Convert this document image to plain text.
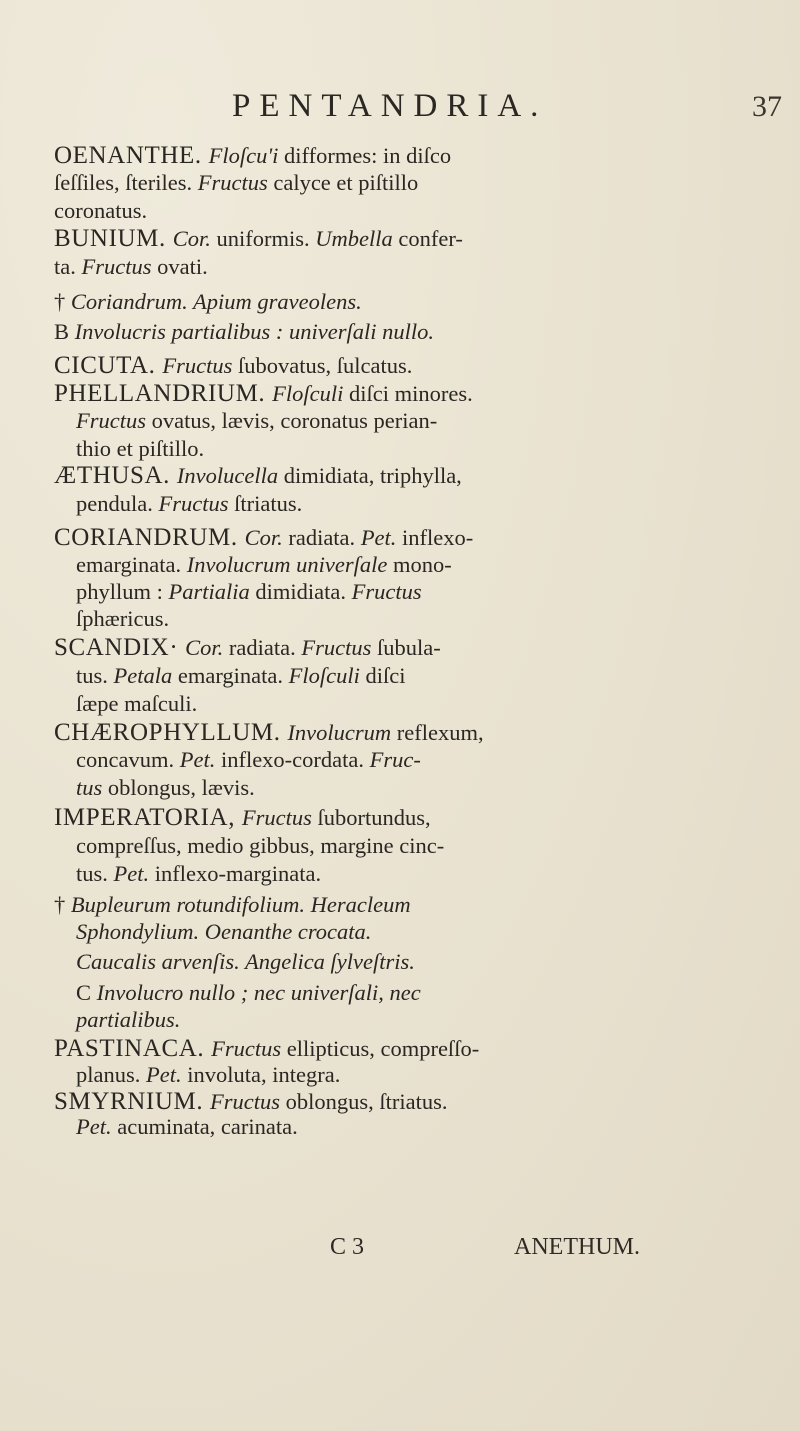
PENTANDRIA.	37
OENANTHE. Floſcu'i difformes: in diſco
ſeſſiles, ſteriles. Fructus calyce et piſtillo
coronatus.
BUNIUM. Cor. uniformis. Umbella confer-
ta. Fructus ovati.
† Coriandrum. Apium graveolens.
B Involucris partialibus : univerſali nullo.
CICUTA. Fructus ſubovatus, ſulcatus.
PHELLANDRIUM. Floſculi diſci minores.
Fructus ovatus, lævis, coronatus perian-
thio et piſtillo.
ÆTHUSA. Involucella dimidiata, triphylla,
pendula. Fructus ſtriatus.
CORIANDRUM. Cor. radiata. Pet. inflexo-
emarginata. Involucrum univerſale mono-
phyllum : Partialia dimidiata. Fructus
ſphæricus.
SCANDIX· Cor. radiata. Fructus ſubula-
tus. Petala emarginata. Floſculi diſci
ſæpe maſculi.
CHÆROPHYLLUM. Involucrum reflexum,
concavum. Pet. inflexo-cordata. Fruc-
tus oblongus, lævis.
IMPERATORIA, Fructus ſubortundus,
compreſſus, medio gibbus, margine cinc-
tus. Pet. inflexo-marginata.
† Bupleurum rotundifolium. Heracleum
Sphondylium. Oenanthe crocata.
Caucalis arvenſis. Angelica ſylveſtris.
C Involucro nullo ; nec univerſali, nec
partialibus.
PASTINACA. Fructus ellipticus, compreſſo-
planus. Pet. involuta, integra.
SMYRNIUM. Fructus oblongus, ſtriatus.
Pet. acuminata, carinata.
C 3	ANETHUM.
